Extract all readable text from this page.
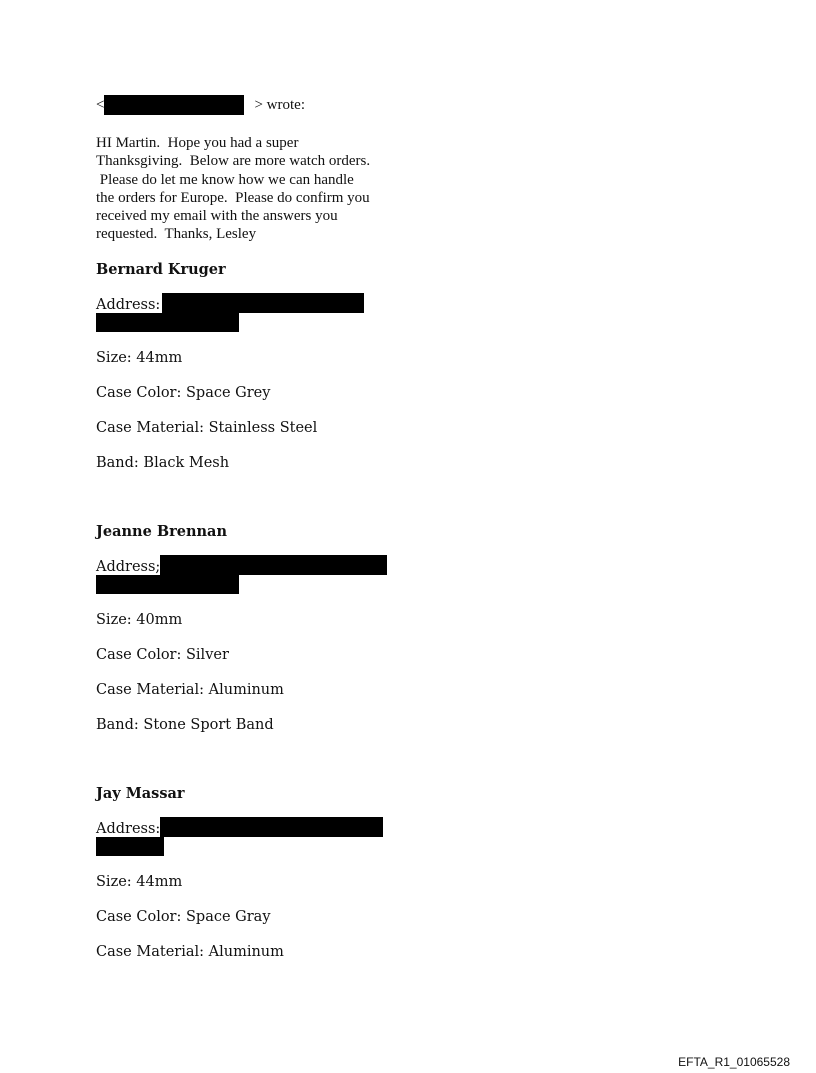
<	> wrote:
HI Martin.  Hope you had a super
Thanksgiving.  Below are more watch orders.
Please do let me know how we can handle
the orders for Europe.  Please do confirm you
received my email with the answers you
requested.  Thanks, Lesley
Bernard Kruger
Address:
Size: 44mm
Case Color: Space Grey
Case Material: Stainless Steel
Band: Black Mesh
Jeanne Brennan
Address;
Size: 40mm
Case Color: Silver
Case Material: Aluminum
Band: Stone Sport Band
Jay Massar
Address:
Size: 44mm
Case Color: Space Gray
Case Material: Aluminum
EFTA_R1_01065528
